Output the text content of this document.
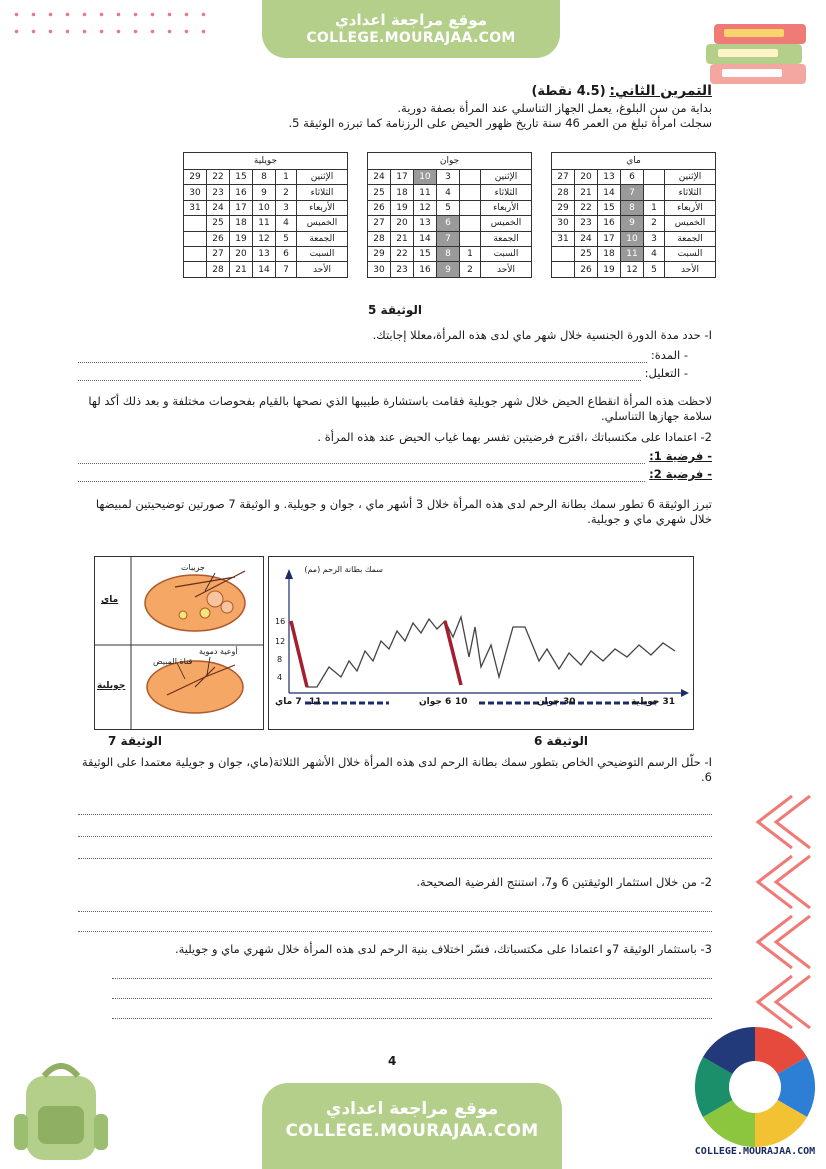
موقع مراجعة اعدادي
COLLEGE.MOURAJAA.COM

التمرين الثاني: (4.5 نقطة)

بداية من سن البلوغ، يعمل الجهاز التناسلي عند المرأة بصفة دورية.

سجلت امرأة تبلغ من العمر 46 سنة تاريخ ظهور الحيض على الرزنامة كما تبرزه الوثيقة 5.

ماي					
الإثنين		6	13	20	27
الثلاثاء		7	14	21	28
الأربعاء	1	8	15	22	29
الخميس	2	9	16	23	30
الجمعة	3	10	17	24	31
السبت	4	11	18	25	
الأحد	5	12	19	26	
جوان					
الإثنين		3	10	17	24
الثلاثاء		4	11	18	25
الأربعاء		5	12	19	26
الخميس		6	13	20	27
الجمعة		7	14	21	28
السبت	1	8	15	22	29
الأحد	2	9	16	23	30
جويلية					
الإثنين	1	8	15	22	29
الثلاثاء	2	9	16	23	30
الأربعاء	3	10	17	24	31
الخميس	4	11	18	25	
الجمعة	5	12	19	26	
السبت	6	13	20	27	
الأحد	7	14	21	28	

الوثيقة 5

I- حدد مدة الدورة الجنسية خلال شهر ماي لدى هذه المرأة،معللا إجابتك.

- المدة:
- التعليل:

لاحظت هذه المرأة انقطاع الحيض خلال شهر جويلية فقامت باستشارة طبيبها الذي نصحها بالقيام بفحوصات مختلفة و بعد ذلك أكد لها سلامة جهازها التناسلي.

2- اعتمادا على مكتسباتك ،اقترح فرضيتين تفسر بهما غياب الحيض عند هذه المرأة .

- فرضية 1:
- فرضية 2:

تبرز الوثيقة 6 تطور سمك بطانة الرحم لدى هذه المرأة خلال 3 أشهر ماي ، جوان و جويلية. و الوثيقة 7 صورتين توضيحيتين لمبيضها خلال شهري ماي و جويلية.

جريبات
أوعية دموية
قناة المبيض
ماي
جويلية
سمك بطانة الرحم (مم)
16
12
8
4
7 ماي 11	6 جوان 10	30 جوان	31 جويلية
الوثيقة 6
الوثيقة 7

I- حلّل الرسم التوضيحي الخاص بتطور سمك بطانة الرحم لدى هذه المرأة خلال الأشهر الثلاثة(ماي، جوان و جويلية معتمدا على الوثيقة 6.

2- من خلال استثمار الوثيقتين 6 و7، استنتج الفرضية الصحيحة.

3- باستثمار الوثيقة 7و اعتمادا على مكتسباتك، فسّر اختلاف بنية الرحم لدى هذه المرأة خلال شهري ماي و جويلية.

4
موقع مراجعة اعدادي
COLLEGE.MOURAJAA.COM
COLLEGE.MOURAJAA.COM
